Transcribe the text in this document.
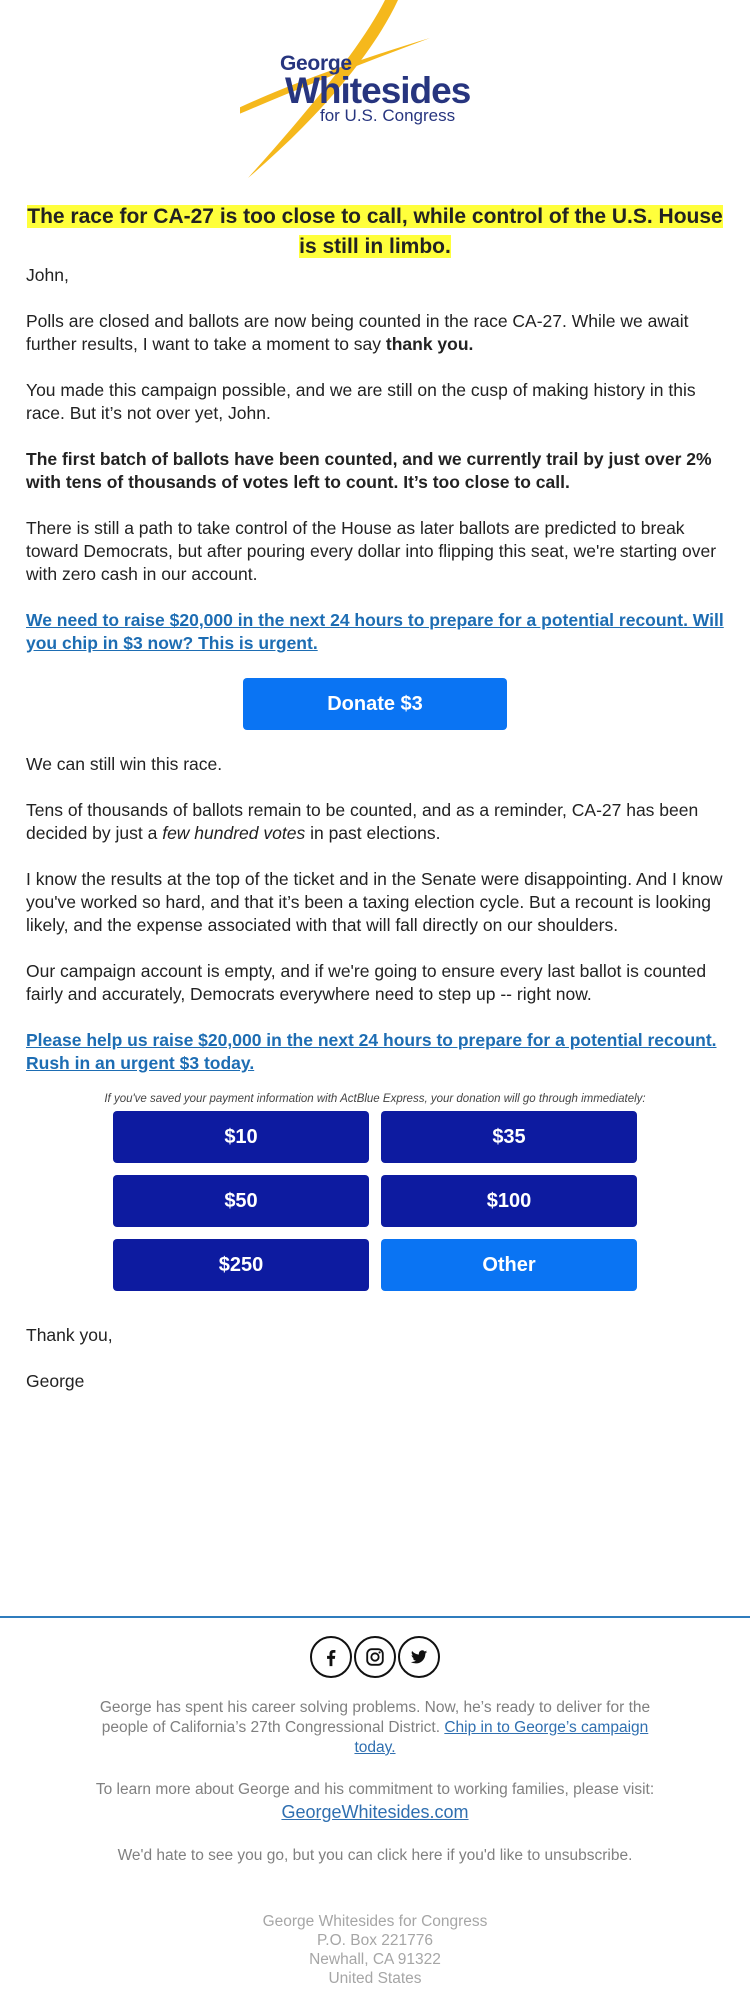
George
Whitesides
for U.S. Congress
The race for CA-27 is too close to call, while control of the U.S. House is still in limbo.

John,

Polls are closed and ballots are now being counted in the race CA-27. While we await further results, I want to take a moment to say thank you.

You made this campaign possible, and we are still on the cusp of making history in this race. But it’s not over yet, John.

The first batch of ballots have been counted, and we currently trail by just over 2% with tens of thousands of votes left to count. It’s too close to call.

There is still a path to take control of the House as later ballots are predicted to break toward Democrats, but after pouring every dollar into flipping this seat, we're starting over with zero cash in our account.

We need to raise $20,000 in the next 24 hours to prepare for a potential recount. Will you chip in $3 now? This is urgent.

Donate $3

We can still win this race.

Tens of thousands of ballots remain to be counted, and as a reminder, CA-27 has been decided by just a few hundred votes in past elections.

I know the results at the top of the ticket and in the Senate were disappointing. And I know you've worked so hard, and that it’s been a taxing election cycle. But a recount is looking likely, and the expense associated with that will fall directly on our shoulders.

Our campaign account is empty, and if we're going to ensure every last ballot is counted fairly and accurately, Democrats everywhere need to step up -- right now.

Please help us raise $20,000 in the next 24 hours to prepare for a potential recount. Rush in an urgent $3 today.

If you've saved your payment information with ActBlue Express, your donation will go through immediately:

$10	$35
$50	$100
$250	Other

Thank you,

George

George has spent his career solving problems. Now, he’s ready to deliver for the people of California’s 27th Congressional District. Chip in to George’s campaign today.

To learn more about George and his commitment to working families, please visit:
GeorgeWhitesides.com

We'd hate to see you go, but you can click here if you'd like to unsubscribe.

George Whitesides for Congress
P.O. Box 221776
Newhall, CA 91322
United States
